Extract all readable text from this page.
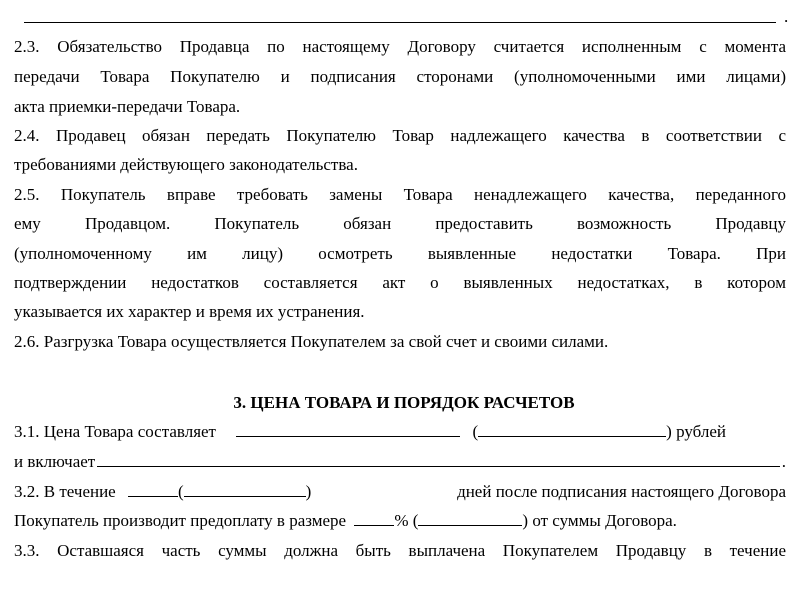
.
2.3. Обязательство Продавца по настоящему Договору считается исполненным с момента
передачи Товара Покупателю и подписания сторонами (уполномоченными ими лицами)
акта приемки-передачи Товара.
2.4. Продавец обязан передать Покупателю Товар надлежащего качества в соответствии с
требованиями действующего законодательства.
2.5. Покупатель вправе требовать замены Товара ненадлежащего качества, переданного
ему Продавцом. Покупатель обязан предоставить возможность Продавцу
(уполномоченному им лицу) осмотреть выявленные недостатки Товара. При
подтверждении недостатков составляется акт о выявленных недостатках, в котором
указывается их характер и время их устранения.
2.6. Разгрузка Товара осуществляется Покупателем за свой счет и своими силами.
3. ЦЕНА ТОВАРА И ПОРЯДОК РАСЧЕТОВ
3.1. Цена Товара составляет	(	) рублей
и включает	.
3.2. В течение	(	)	дней после подписания настоящего Договора
Покупатель производит предоплату в размере	% (	) от суммы Договора.
3.3. Оставшаяся часть суммы должна быть выплачена Покупателем Продавцу в течение
